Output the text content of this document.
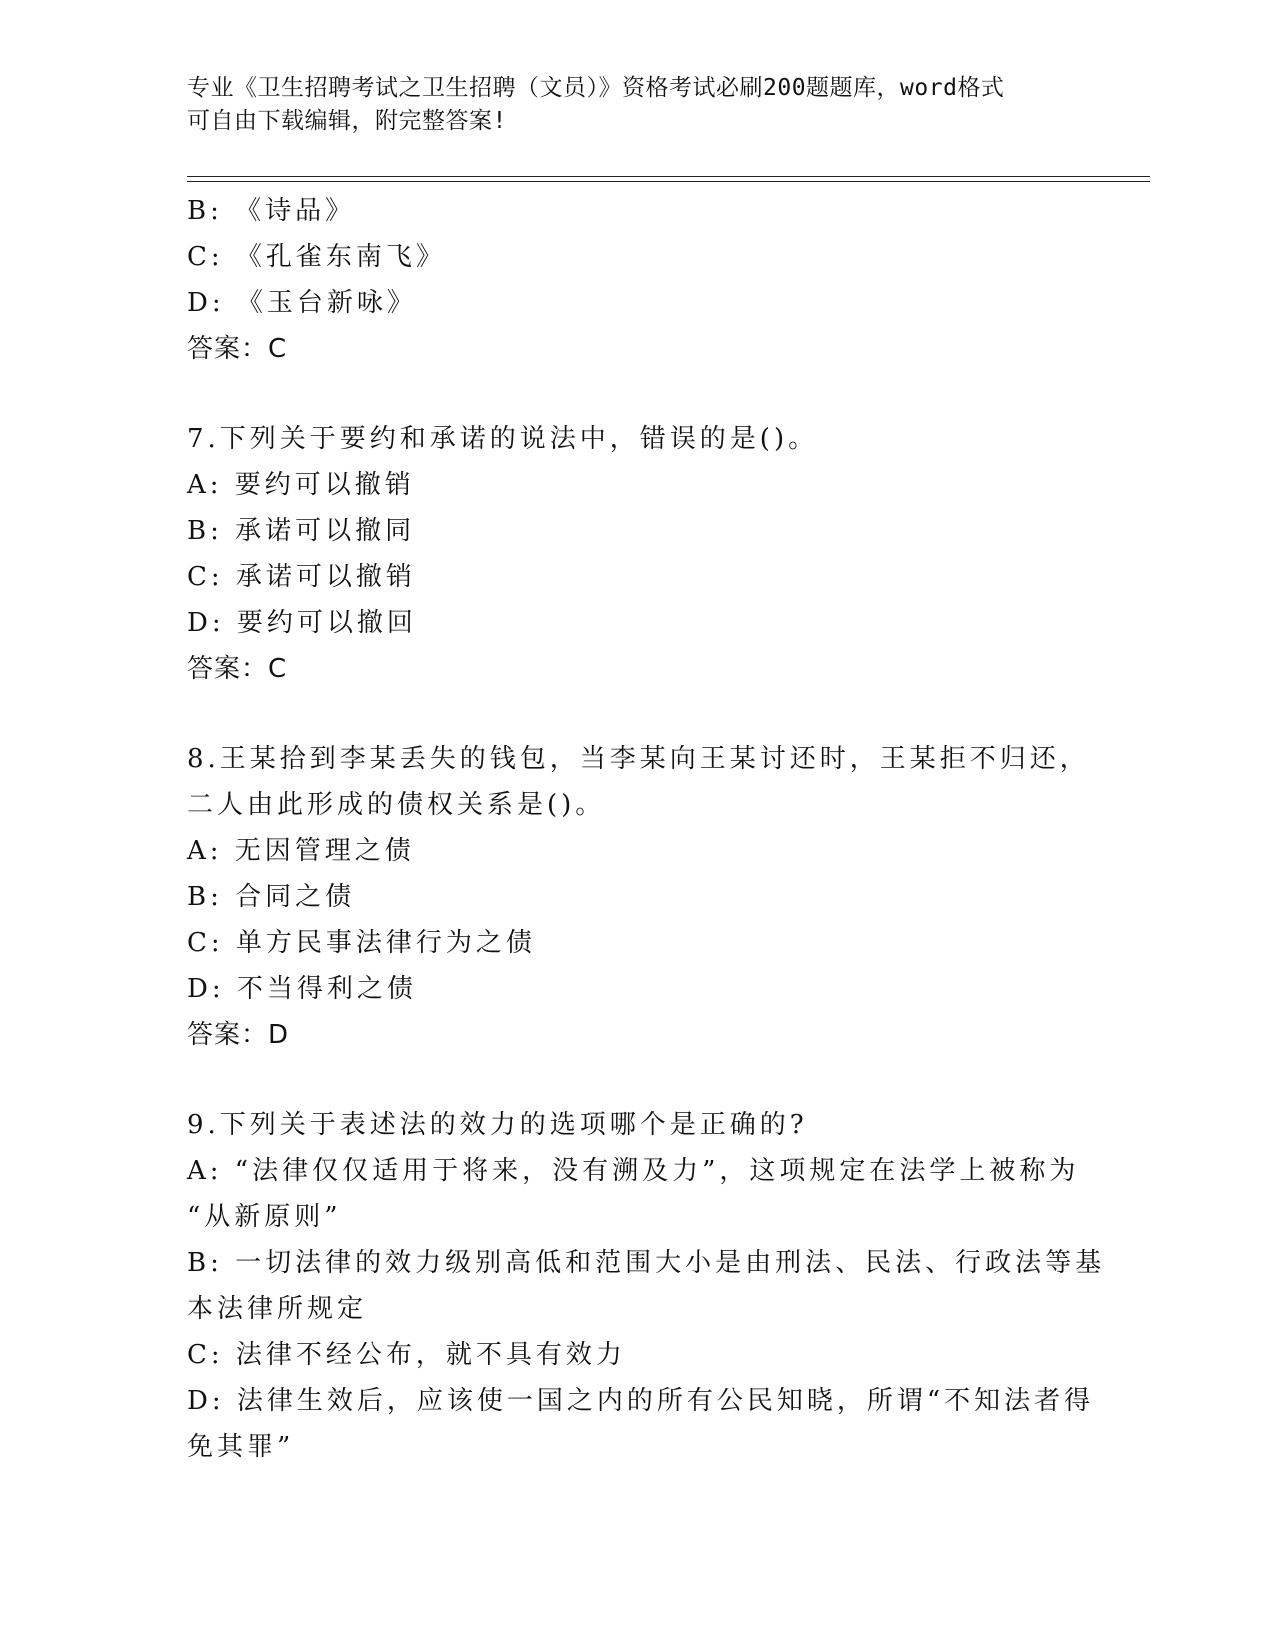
专业《卫生招聘考试之卫生招聘（文员）》资格考试必刷200题题库，word格式
可自由下载编辑，附完整答案!
B: 《诗品》
C: 《孔雀东南飞》
D: 《玉台新咏》
答案：C
7.下列关于要约和承诺的说法中，错误的是()。
A: 要约可以撤销
B: 承诺可以撤同
C: 承诺可以撤销
D: 要约可以撤回
答案：C
8.王某拾到李某丢失的钱包，当李某向王某讨还时，王某拒不归还，
二人由此形成的债权关系是()。
A: 无因管理之债
B: 合同之债
C: 单方民事法律行为之债
D: 不当得利之债
答案：D
9.下列关于表述法的效力的选项哪个是正确的?
A: “法律仅仅适用于将来，没有溯及力”，这项规定在法学上被称为
“从新原则”
B: 一切法律的效力级别高低和范围大小是由刑法、民法、行政法等基
本法律所规定
C: 法律不经公布，就不具有效力
D: 法律生效后，应该使一国之内的所有公民知晓，所谓“不知法者得
免其罪”
